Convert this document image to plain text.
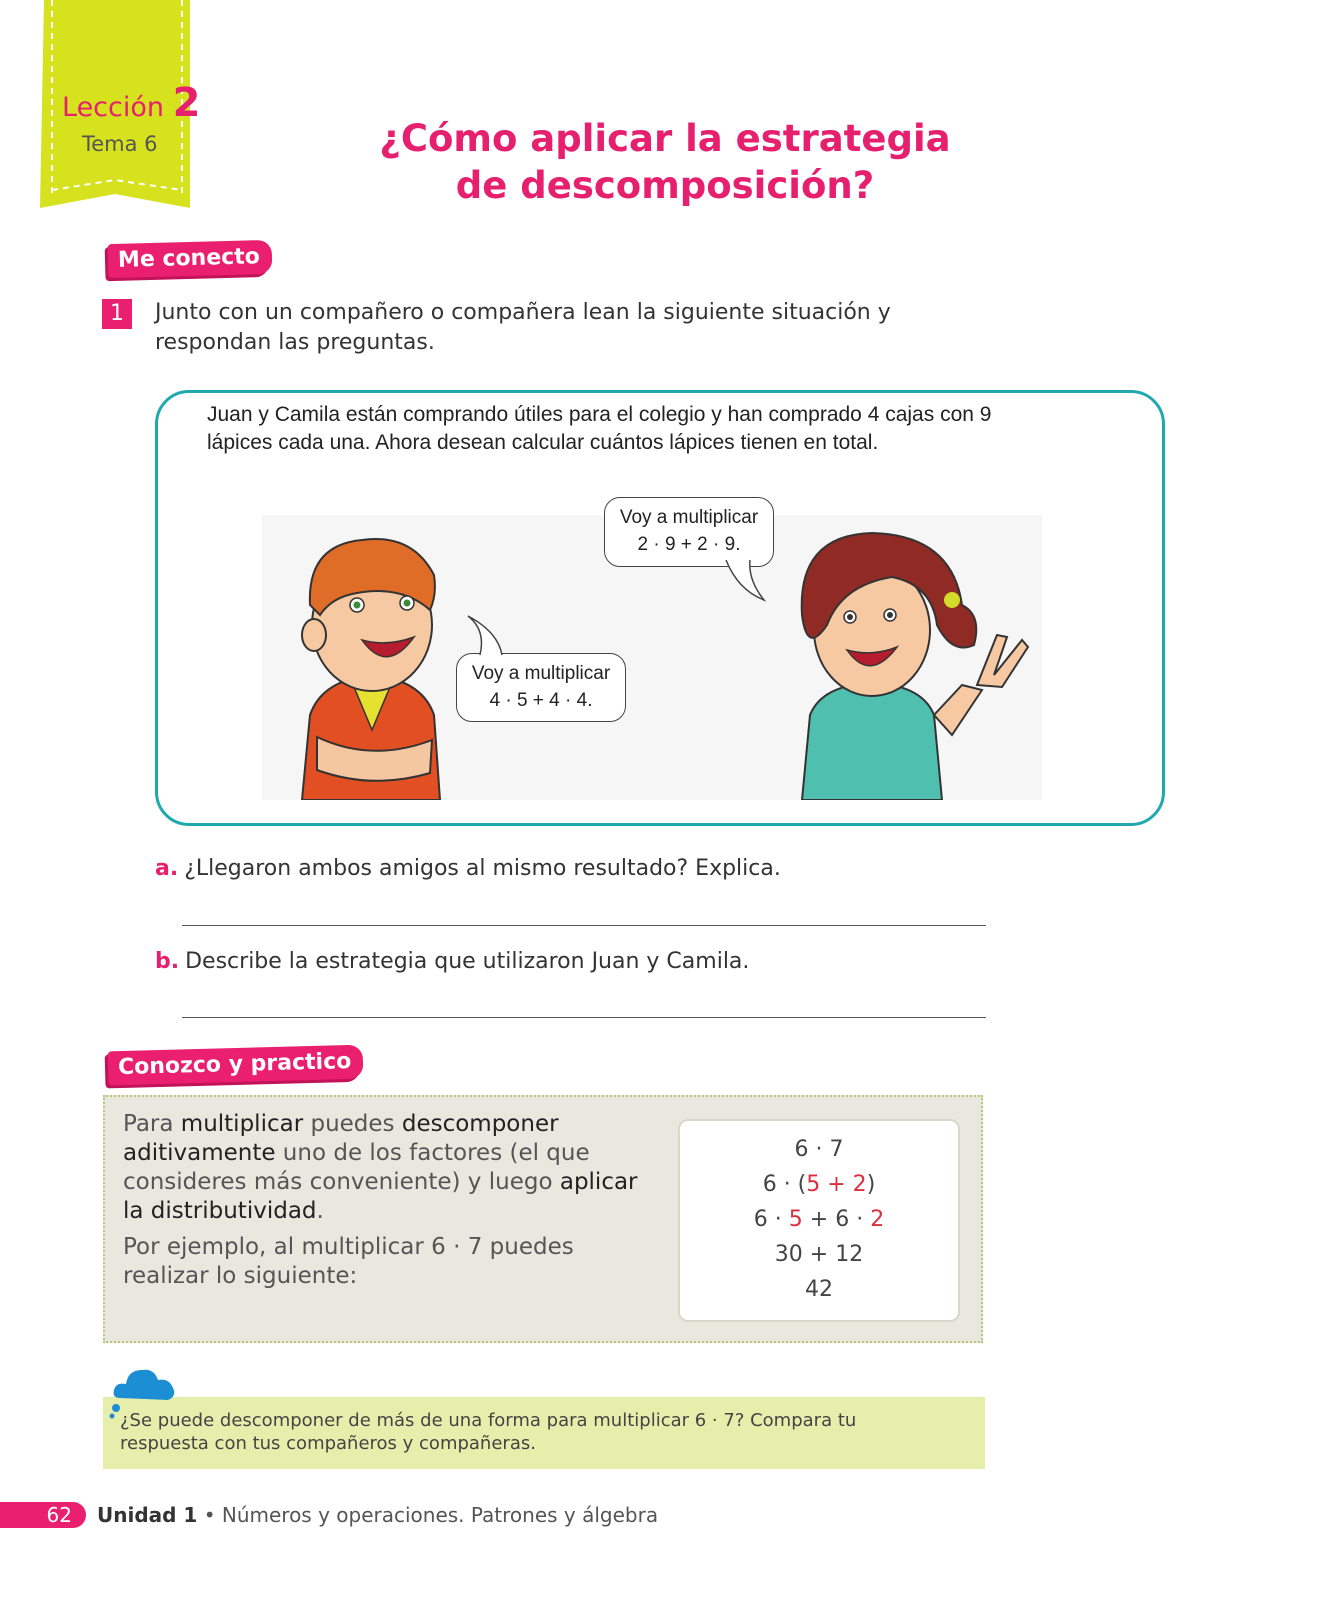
Lección 2
Tema 6	¿Cómo aplicar la estrategia
de descomposición?
Me conecto
1	Junto con un compañero o compañera lean la siguiente situación y respondan las preguntas.
Juan y Camila están comprando útiles para el colegio y han comprado 4 cajas con 9 lápices cada una. Ahora desean calcular cuántos lápices tienen en total.
Voy a multiplicar
2 · 9 + 2 · 9.
Voy a multiplicar
4 · 5 + 4 · 4.
a. ¿Llegaron ambos amigos al mismo resultado? Explica.
b. Describe la estrategia que utilizaron Juan y Camila.
Conozco y practico
Para multiplicar puedes descomponer aditivamente uno de los factores (el que consideres más conveniente) y luego aplicar la distributividad.
Por ejemplo, al multiplicar 6 · 7 puedes realizar lo siguiente:
6 · 7
6 · (5 + 2)
6 · 5 + 6 · 2
30 + 12
42
¿Se puede descomponer de más de una forma para multiplicar 6 · 7? Compara tu respuesta con tus compañeros y compañeras.
62	Unidad 1 • Números y operaciones. Patrones y álgebra
